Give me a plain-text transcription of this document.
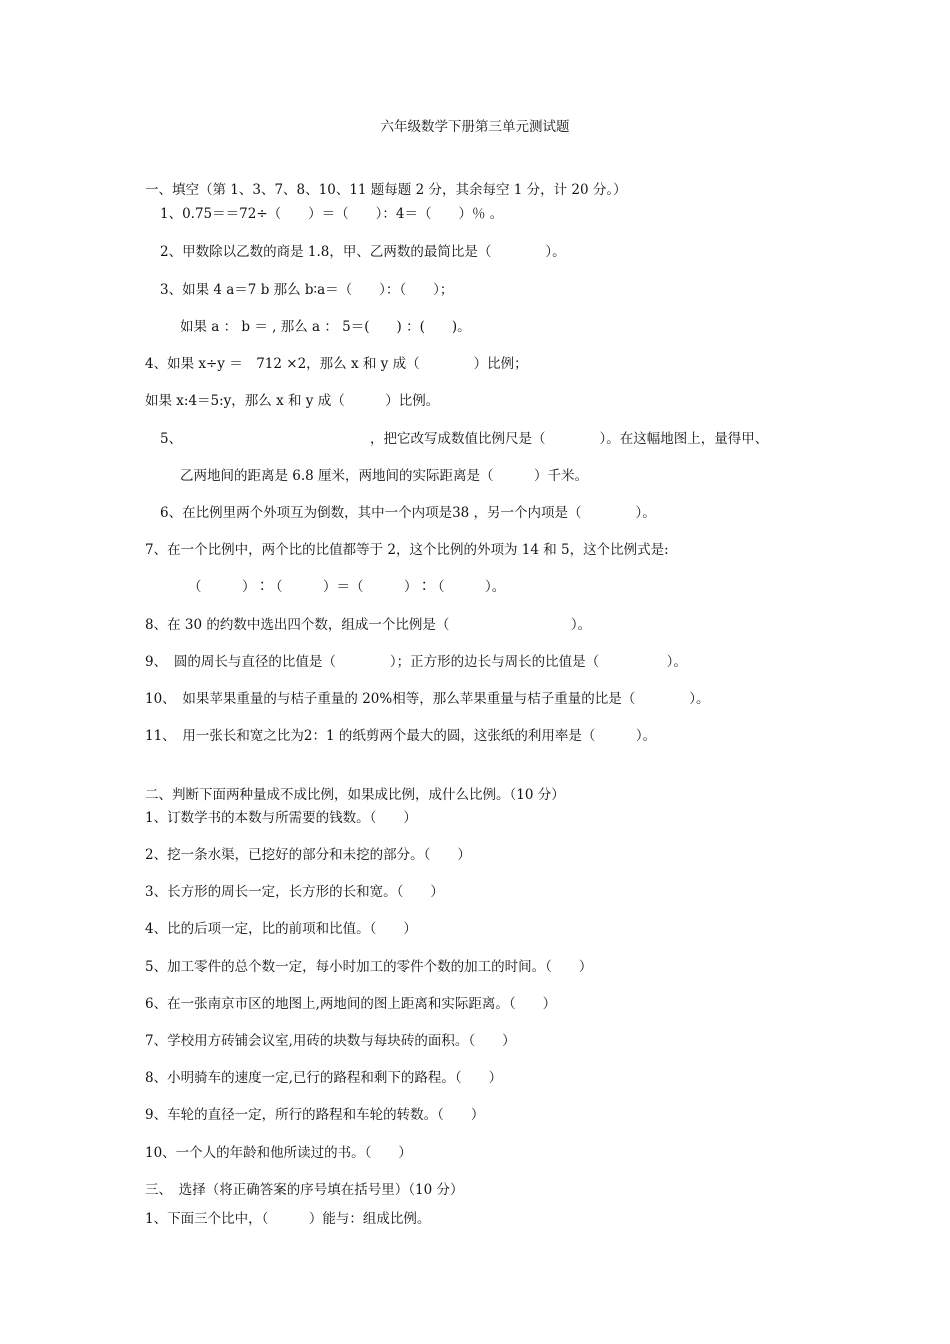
六年级数学下册第三单元测试题
一、填空（第 1、3、7、8、10、11 题每题 2 分，其余每空 1 分，计 20 分。）
1、0.75＝＝72÷（　　）＝（　　）：4＝（　　）％ 。
2、甲数除以乙数的商是 1.8，甲、乙两数的最简比是（　　　　）。
3、如果 4 a＝7 b 那么 b∶a＝（　　）：（　　）；
如果 a ： b ＝ , 那么 a ： 5＝(　　) ：(　　)。
4、如果 x÷y ＝　712 ×2，那么 x 和 y 成（　　　　）比例；
如果 x:4＝5:y，那么 x 和 y 成（　　　）比例。
5、	，把它改写成数值比例尺是（　　　　）。在这幅地图上，量得甲、
乙两地间的距离是 6.8 厘米，两地间的实际距离是（　　　）千米。
6、在比例里两个外项互为倒数，其中一个内项是38 ，另一个内项是（　　　　）。
7、在一个比例中，两个比的比值都等于 2，这个比例的外项为 14 和 5，这个比例式是:
（　　　）∶（　　　）＝（　　　）∶（　　　）。
8、在 30 的约数中选出四个数，组成一个比例是（　　　　　　　　　）。
9、　圆的周长与直径的比值是（　　　　）；正方形的边长与周长的比值是（　　　　　）。
10、　如果苹果重量的与桔子重量的 20%相等，那么苹果重量与桔子重量的比是（　　　　）。
11、　用一张长和宽之比为2：1 的纸剪两个最大的圆，这张纸的利用率是（　　　）。
二、判断下面两种量成不成比例，如果成比例，成什么比例。（10 分）
1、订数学书的本数与所需要的钱数。（　　）
2、挖一条水渠，已挖好的部分和未挖的部分。（　　）
3、长方形的周长一定，长方形的长和宽。（　　）
4、比的后项一定，比的前项和比值。（　　）
5、加工零件的总个数一定，每小时加工的零件个数的加工的时间。（　　）
6、在一张南京市区的地图上,两地间的图上距离和实际距离。（　　）
7、学校用方砖铺会议室,用砖的块数与每块砖的面积。（　　）
8、小明骑车的速度一定,已行的路程和剩下的路程。（　　）
9、车轮的直径一定，所行的路程和车轮的转数。（　　）
10、一个人的年龄和他所读过的书。（　　）
三、　选择（将正确答案的序号填在括号里）（10 分）
1、下面三个比中，（　　　）能与：组成比例。
